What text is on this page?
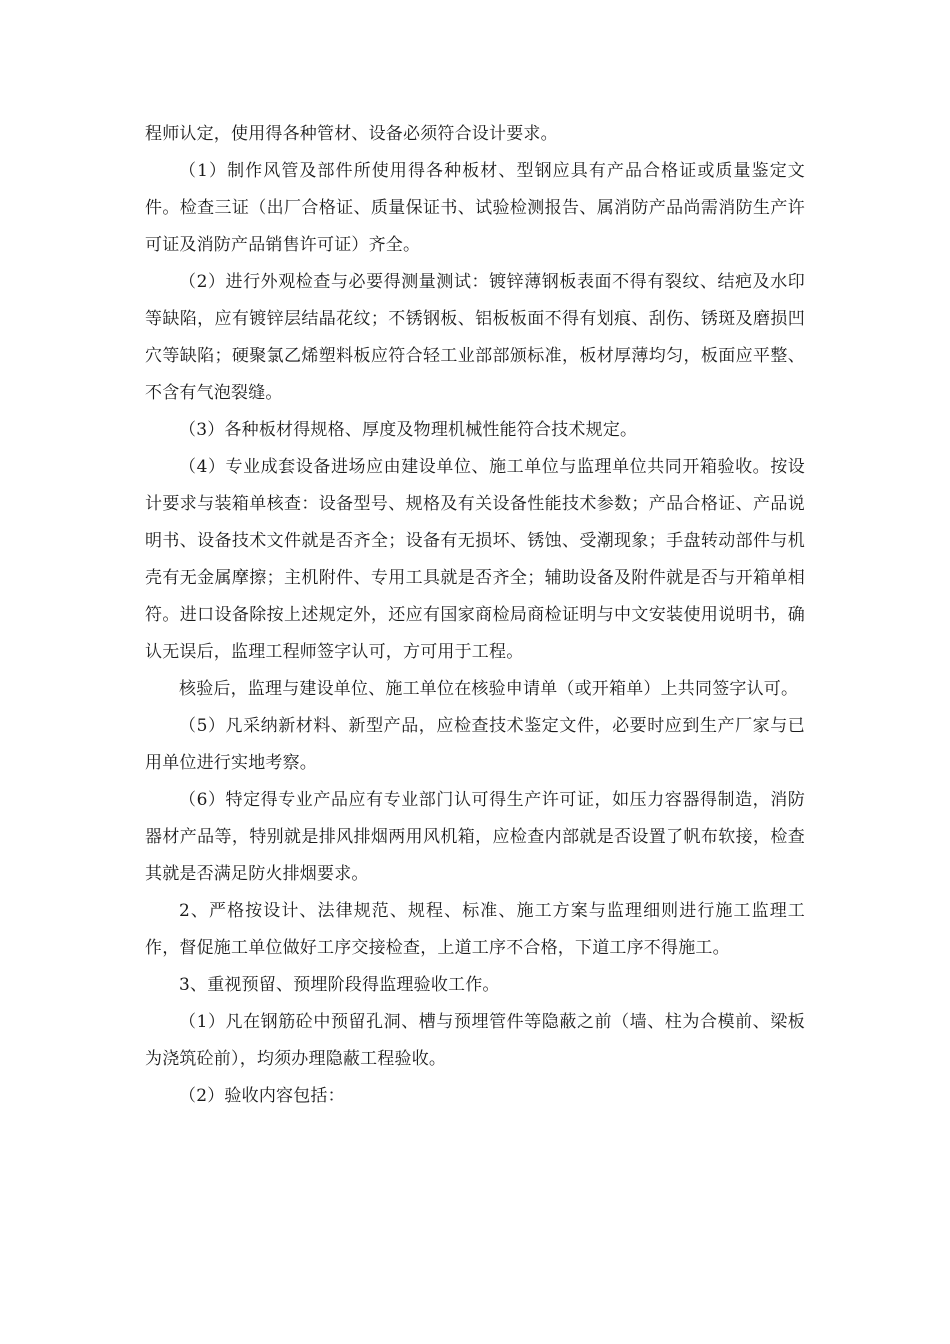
程师认定，使用得各种管材、设备必须符合设计要求。

（1）制作风管及部件所使用得各种板材、型钢应具有产品合格证或质量鉴定文件。检查三证（出厂合格证、质量保证书、试验检测报告、属消防产品尚需消防生产许可证及消防产品销售许可证）齐全。

（2）进行外观检查与必要得测量测试：镀锌薄钢板表面不得有裂纹、结疤及水印等缺陷，应有镀锌层结晶花纹；不锈钢板、铝板板面不得有划痕、刮伤、锈斑及磨损凹穴等缺陷；硬聚氯乙烯塑料板应符合轻工业部部颁标准，板材厚薄均匀，板面应平整、不含有气泡裂缝。

（3）各种板材得规格、厚度及物理机械性能符合技术规定。

（4）专业成套设备进场应由建设单位、施工单位与监理单位共同开箱验收。按设计要求与装箱单核查：设备型号、规格及有关设备性能技术参数；产品合格证、产品说明书、设备技术文件就是否齐全；设备有无损坏、锈蚀、受潮现象；手盘转动部件与机壳有无金属摩擦；主机附件、专用工具就是否齐全；辅助设备及附件就是否与开箱单相符。进口设备除按上述规定外，还应有国家商检局商检证明与中文安装使用说明书，确认无误后，监理工程师签字认可，方可用于工程。

核验后，监理与建设单位、施工单位在核验申请单（或开箱单）上共同签字认可。

（5）凡采纳新材料、新型产品，应检查技术鉴定文件，必要时应到生产厂家与已用单位进行实地考察。

（6）特定得专业产品应有专业部门认可得生产许可证，如压力容器得制造，消防器材产品等，特别就是排风排烟两用风机箱，应检查内部就是否设置了帆布软接，检查其就是否满足防火排烟要求。

2、严格按设计、法律规范、规程、标准、施工方案与监理细则进行施工监理工作，督促施工单位做好工序交接检查，上道工序不合格，下道工序不得施工。

3、重视预留、预埋阶段得监理验收工作。

（1）凡在钢筋砼中预留孔洞、槽与预埋管件等隐蔽之前（墙、柱为合模前、梁板为浇筑砼前），均须办理隐蔽工程验收。

（2）验收内容包括：
